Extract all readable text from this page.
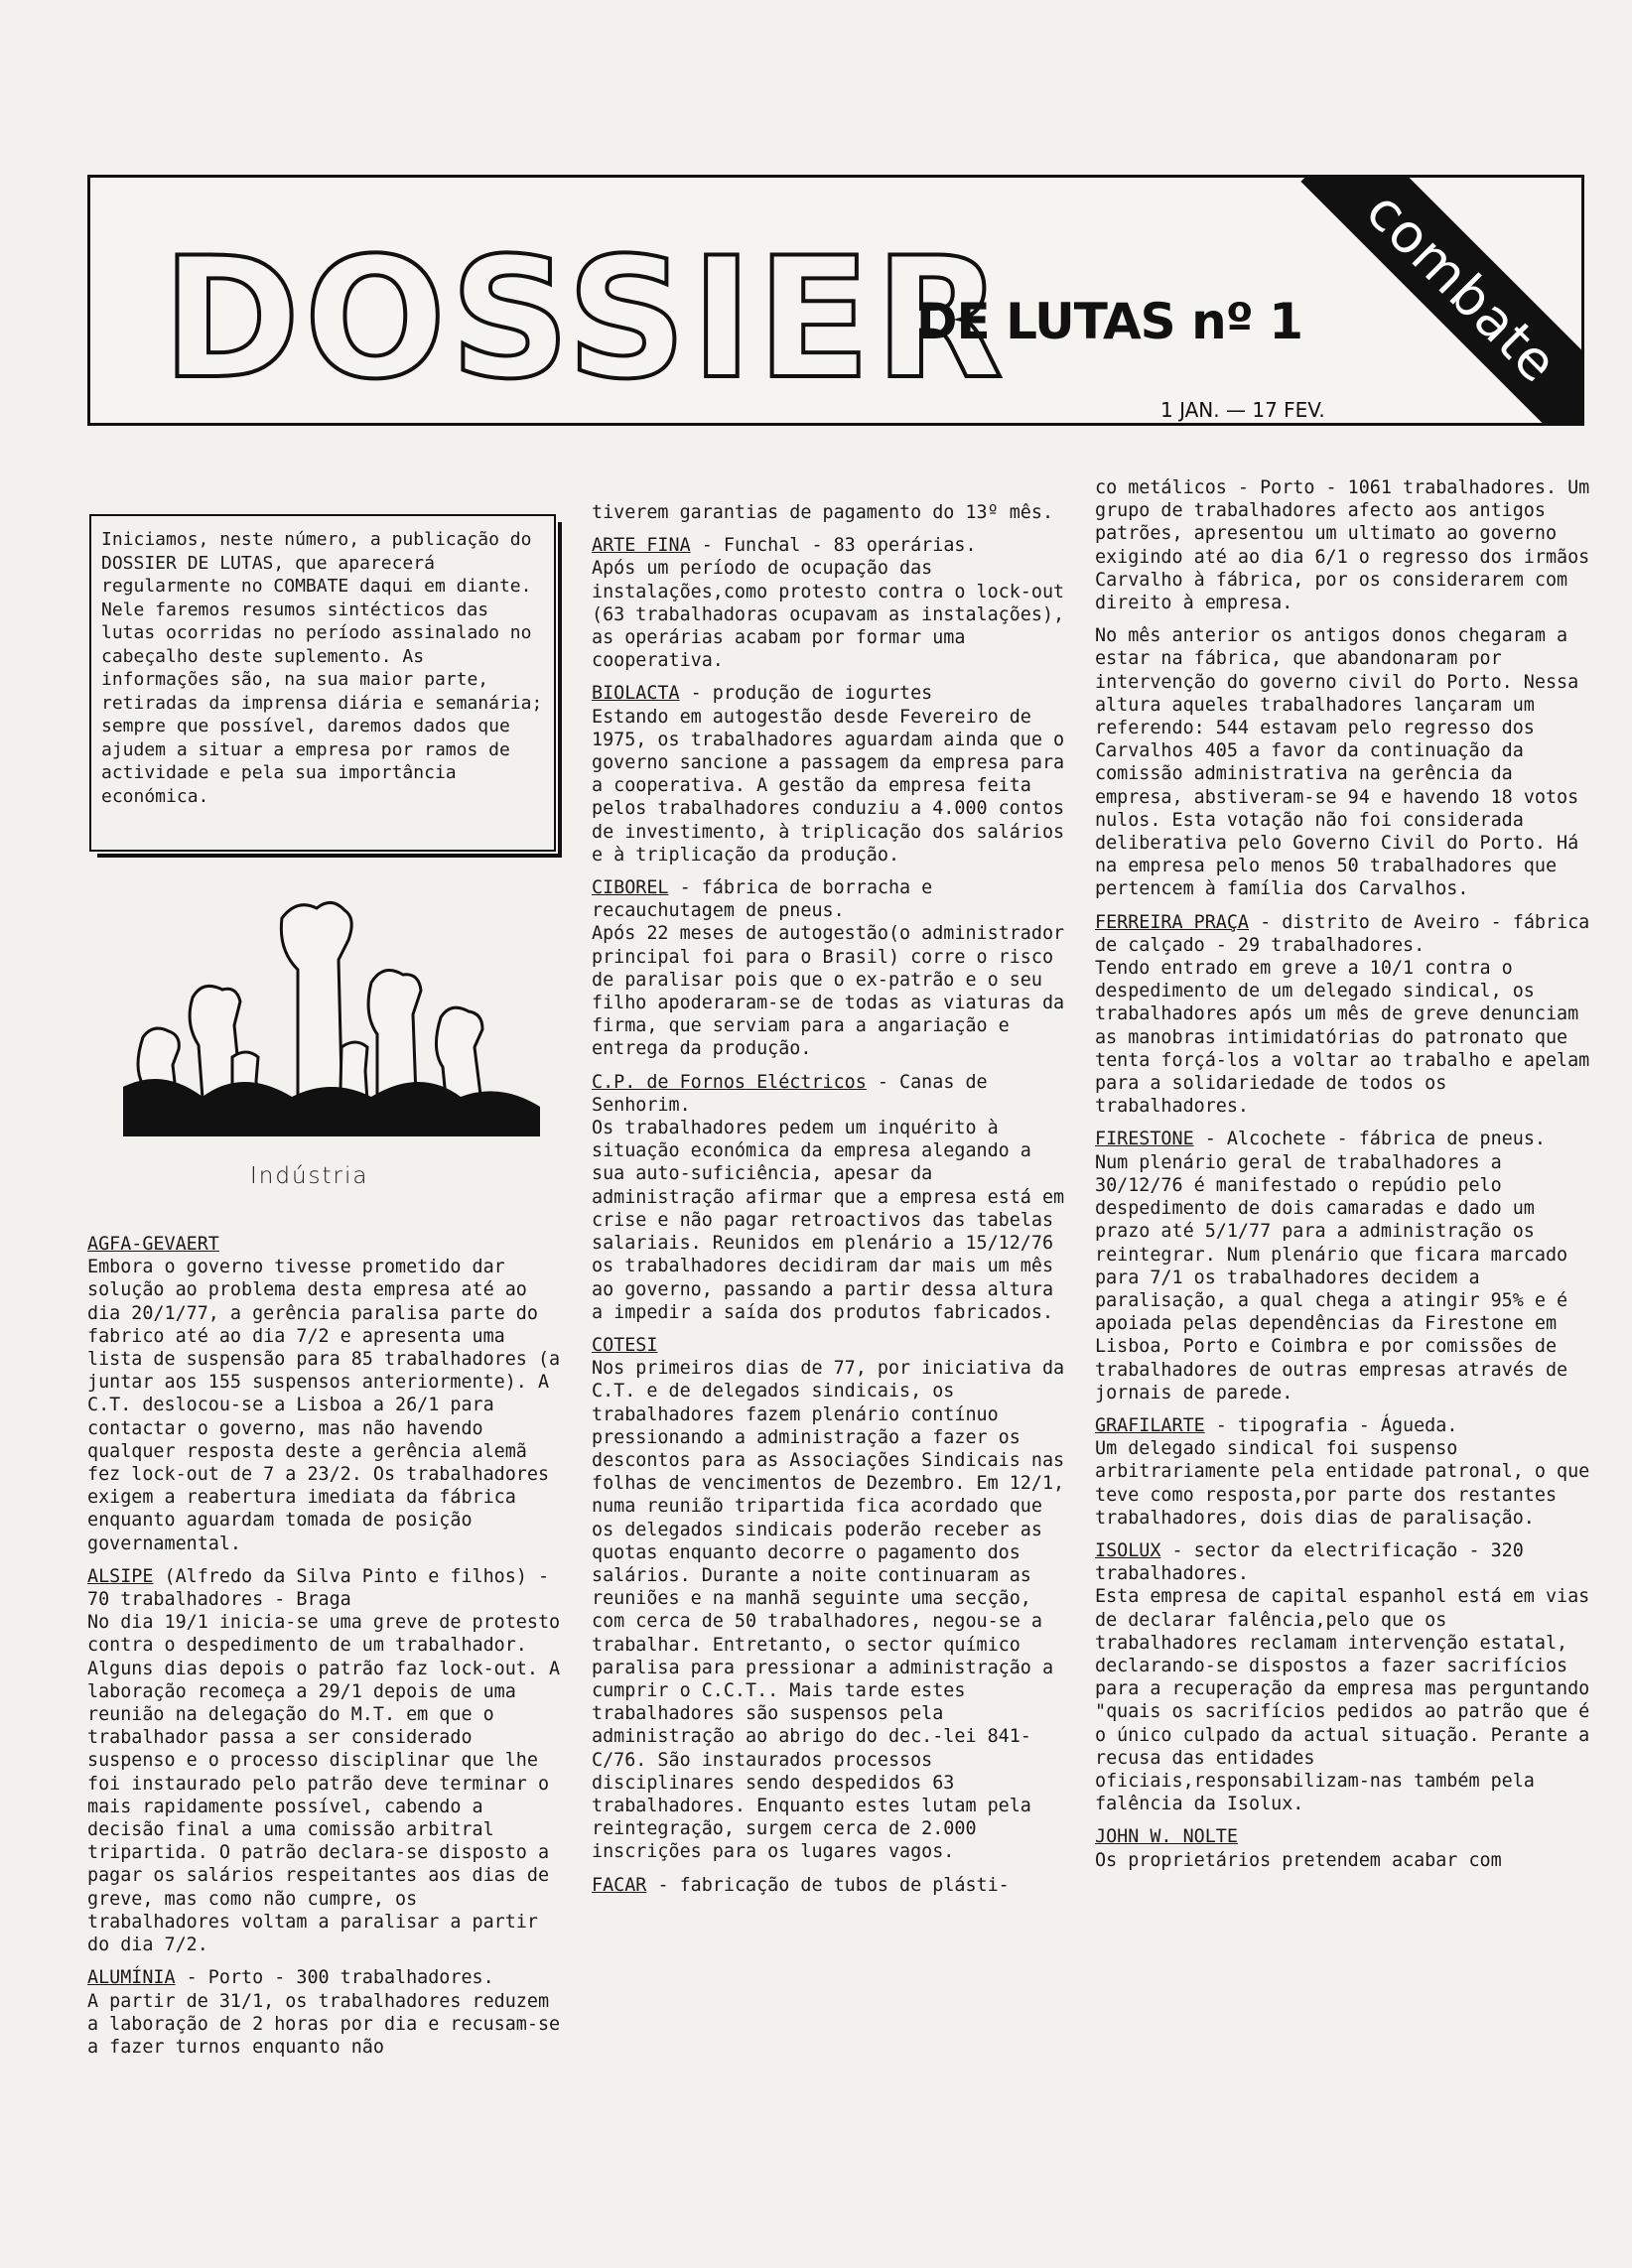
DOSSIER
DE LUTAS nº 1
1 JAN. — 17 FEV.
combate
Iniciamos, neste número, a publicação do DOSSIER DE LUTAS, que aparecerá regularmente no COMBATE daqui em diante. Nele faremos resumos sintécticos das lutas ocorridas no período assinalado no cabeçalho deste suplemento. As informações são, na sua maior parte, retiradas da imprensa diária e semanária; sempre que possível, daremos dados que ajudem a situar a empresa por ramos de actividade e pela sua importância económica.
Duve
Indústria

AGFA-GEVAERT
Embora o governo tivesse prometido dar solução ao problema desta empresa até ao dia 20/1/77, a gerência paralisa parte do fabrico até ao dia 7/2 e apresenta uma lista de suspensão para 85 trabalhadores (a juntar aos 155 suspensos anteriormente). A C.T. deslocou-se a Lisboa a 26/1 para contactar o governo, mas não havendo qualquer resposta deste a gerência alemã fez lock-out de 7 a 23/2. Os trabalhadores exigem a reabertura imediata da fábrica enquanto aguardam tomada de posição governamental.

ALSIPE (Alfredo da Silva Pinto e filhos) - 70 trabalhadores - Braga
No dia 19/1 inicia-se uma greve de protesto contra o despedimento de um trabalhador. Alguns dias depois o patrão faz lock-out. A laboração recomeça a 29/1 depois de uma reunião na delegação do M.T. em que o trabalhador passa a ser considerado suspenso e o processo disciplinar que lhe foi instaurado pelo patrão deve terminar o mais rapidamente possível, cabendo a decisão final a uma comissão arbitral tripartida. O patrão declara-se disposto a pagar os salários respeitantes aos dias de greve, mas como não cumpre, os trabalhadores voltam a paralisar a partir do dia 7/2.

ALUMÍNIA - Porto - 300 trabalhadores.
A partir de 31/1, os trabalhadores reduzem a laboração de 2 horas por dia e recusam-se a fazer turnos enquanto não

tiverem garantias de pagamento do 13º mês.

ARTE FINA - Funchal - 83 operárias.
Após um período de ocupação das instalações,como protesto contra o lock-out (63 trabalhadoras ocupavam as instalações), as operárias acabam por formar uma cooperativa.

BIOLACTA - produção de iogurtes
Estando em autogestão desde Fevereiro de 1975, os trabalhadores aguardam ainda que o governo sancione a passagem da empresa para a cooperativa. A gestão da empresa feita pelos trabalhadores conduziu a 4.000 contos de investimento, à triplicação dos salários e à triplicação da produção.

CIBOREL - fábrica de borracha e recauchutagem de pneus.
Após 22 meses de autogestão(o administrador principal foi para o Brasil) corre o risco de paralisar pois que o ex-patrão e o seu filho apoderaram-se de todas as viaturas da firma, que serviam para a angariação e entrega da produção.

C.P. de Fornos Eléctricos - Canas de Senhorim.
Os trabalhadores pedem um inquérito à situação económica da empresa alegando a sua auto-suficiência, apesar da administração afirmar que a empresa está em crise e não pagar retroactivos das tabelas salariais. Reunidos em plenário a 15/12/76 os trabalhadores decidiram dar mais um mês ao governo, passando a partir dessa altura a impedir a saída dos produtos fabricados.

COTESI
Nos primeiros dias de 77, por iniciativa da C.T. e de delegados sindicais, os trabalhadores fazem plenário contínuo pressionando a administração a fazer os descontos para as Associações Sindicais nas folhas de vencimentos de Dezembro. Em 12/1, numa reunião tripartida fica acordado que os delegados sindicais poderão receber as quotas enquanto decorre o pagamento dos salários. Durante a noite continuaram as reuniões e na manhã seguinte uma secção, com cerca de 50 trabalhadores, negou-se a trabalhar. Entretanto, o sector químico paralisa para pressionar a administração a cumprir o C.C.T.. Mais tarde estes trabalhadores são suspensos pela administração ao abrigo do dec.-lei 841-C/76. São instaurados processos disciplinares sendo despedidos 63 trabalhadores. Enquanto estes lutam pela reintegração, surgem cerca de 2.000 inscrições para os lugares vagos.

FACAR - fabricação de tubos de plásti-

co metálicos - Porto - 1061 trabalhadores. Um grupo de trabalhadores afecto aos antigos patrões, apresentou um ultimato ao governo exigindo até ao dia 6/1 o regresso dos irmãos Carvalho à fábrica, por os considerarem com direito à empresa.

No mês anterior os antigos donos chegaram a estar na fábrica, que abandonaram por intervenção do governo civil do Porto. Nessa altura aqueles trabalhadores lançaram um referendo: 544 estavam pelo regresso dos Carvalhos 405 a favor da continuação da comissão administrativa na gerência da empresa, abstiveram-se 94 e havendo 18 votos nulos. Esta votação não foi considerada deliberativa pelo Governo Civil do Porto. Há na empresa pelo menos 50 trabalhadores que pertencem à família dos Carvalhos.

FERREIRA PRAÇA - distrito de Aveiro - fábrica de calçado - 29 trabalhadores.
Tendo entrado em greve a 10/1 contra o despedimento de um delegado sindical, os trabalhadores após um mês de greve denunciam as manobras intimidatórias do patronato que tenta forçá-los a voltar ao trabalho e apelam para a solidariedade de todos os trabalhadores.

FIRESTONE - Alcochete - fábrica de pneus.
Num plenário geral de trabalhadores a 30/12/76 é manifestado o repúdio pelo despedimento de dois camaradas e dado um prazo até 5/1/77 para a administração os reintegrar. Num plenário que ficara marcado para 7/1 os trabalhadores decidem a paralisação, a qual chega a atingir 95% e é apoiada pelas dependências da Firestone em Lisboa, Porto e Coimbra e por comissões de trabalhadores de outras empresas através de jornais de parede.

GRAFILARTE - tipografia - Águeda.
Um delegado sindical foi suspenso arbitrariamente pela entidade patronal, o que teve como resposta,por parte dos restantes trabalhadores, dois dias de paralisação.

ISOLUX - sector da electrificação - 320 trabalhadores.
Esta empresa de capital espanhol está em vias de declarar falência,pelo que os trabalhadores reclamam intervenção estatal, declarando-se dispostos a fazer sacrifícios para a recuperação da empresa mas perguntando "quais os sacrifícios pedidos ao patrão que é o único culpado da actual situação. Perante a recusa das entidades oficiais,responsabilizam-nas também pela falência da Isolux.

JOHN W. NOLTE
Os proprietários pretendem acabar com
